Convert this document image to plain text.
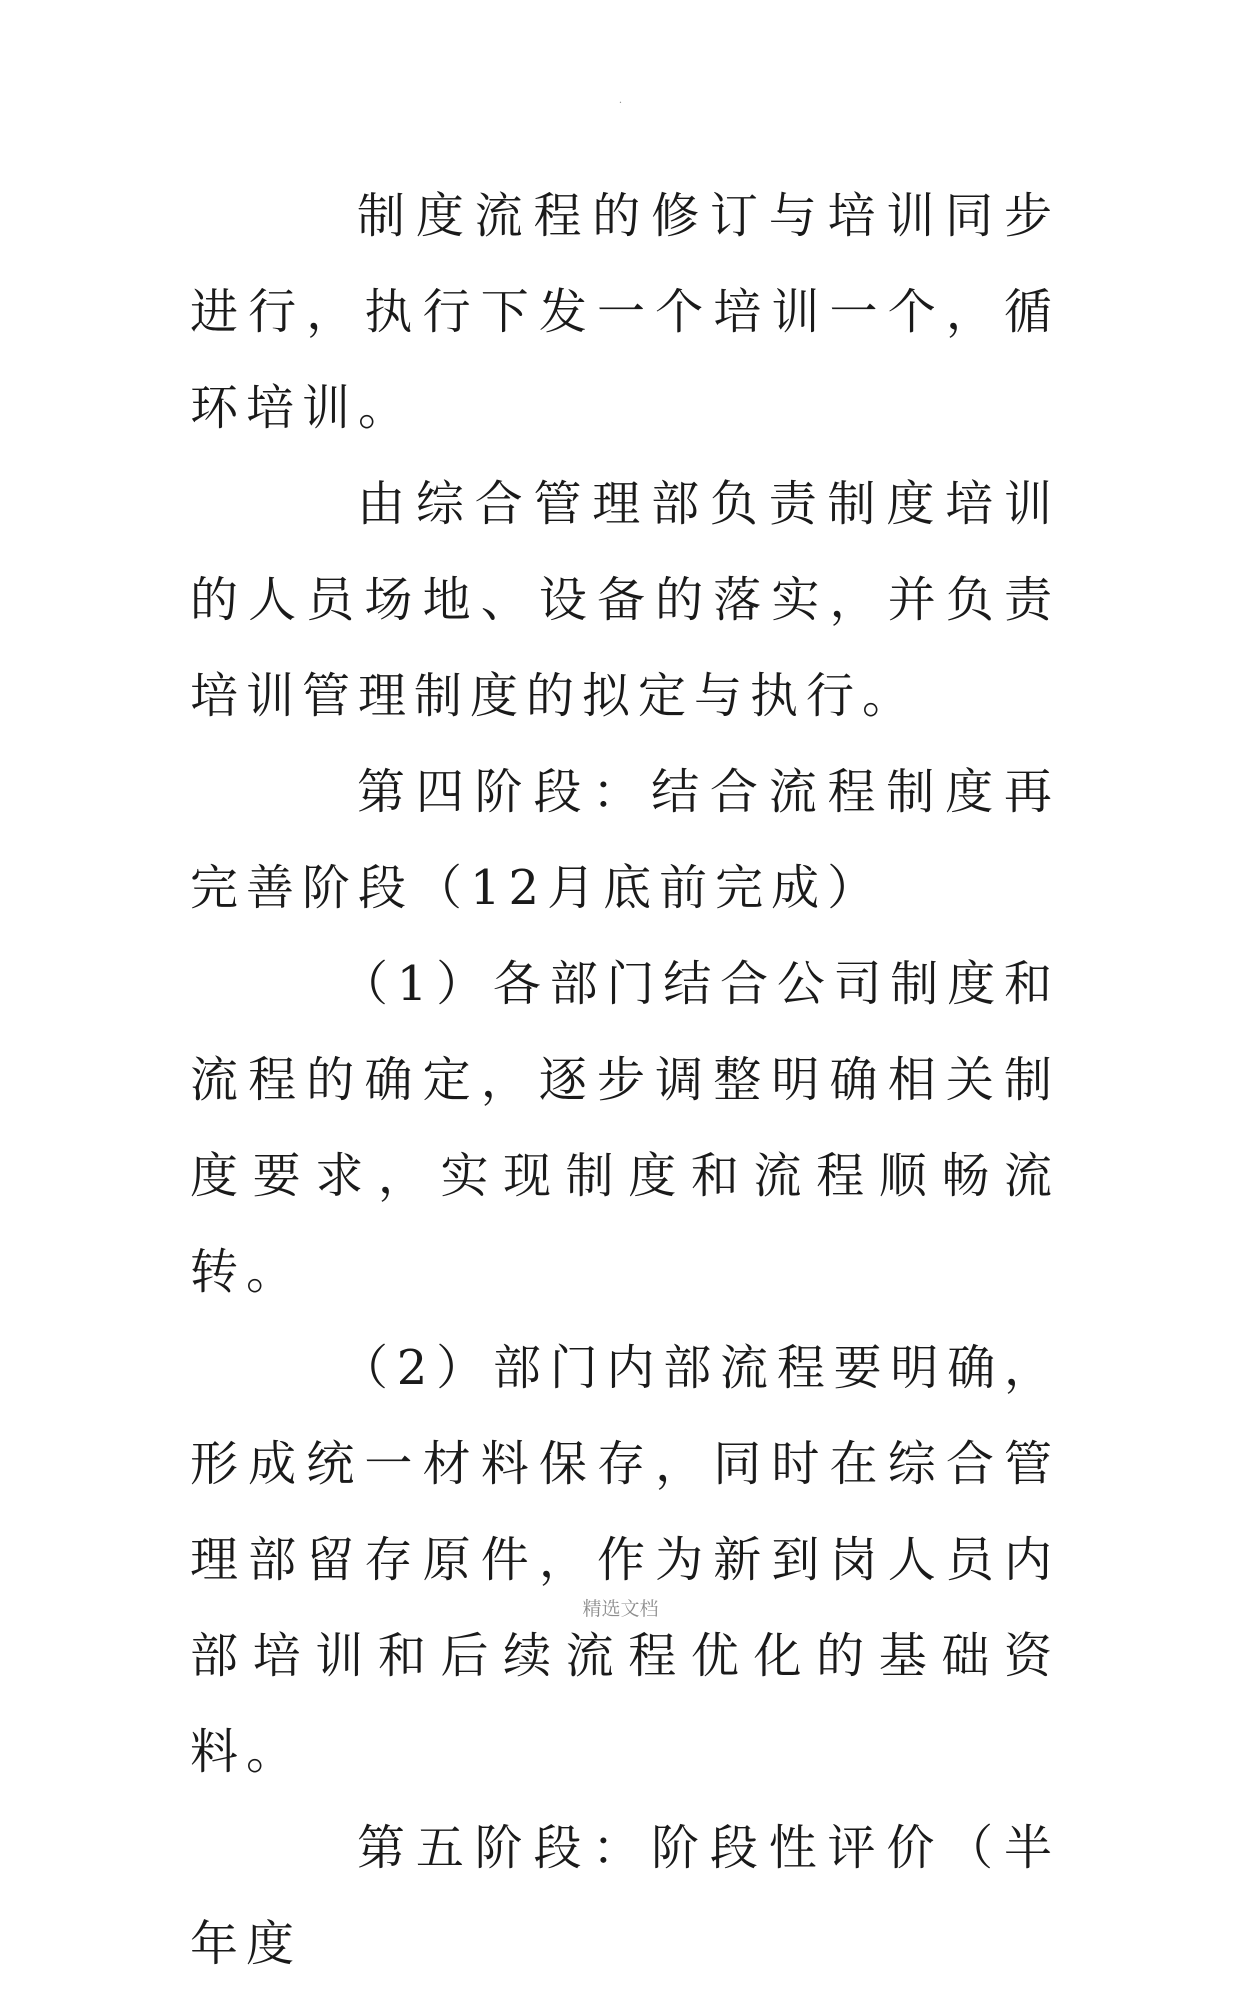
.

制度流程的修订与培训同步进行，执行下发一个培训一个，循环培训。

由综合管理部负责制度培训的人员场地、设备的落实，并负责培训管理制度的拟定与执行。

第四阶段：结合流程制度再完善阶段（12月底前完成）

（1）各部门结合公司制度和流程的确定，逐步调整明确相关制度要求，实现制度和流程顺畅流转。

（2）部门内部流程要明确，形成统一材料保存，同时在综合管理部留存原件，作为新到岗人员内部培训和后续流程优化的基础资料。

第五阶段：阶段性评价（半年度

精选文档
